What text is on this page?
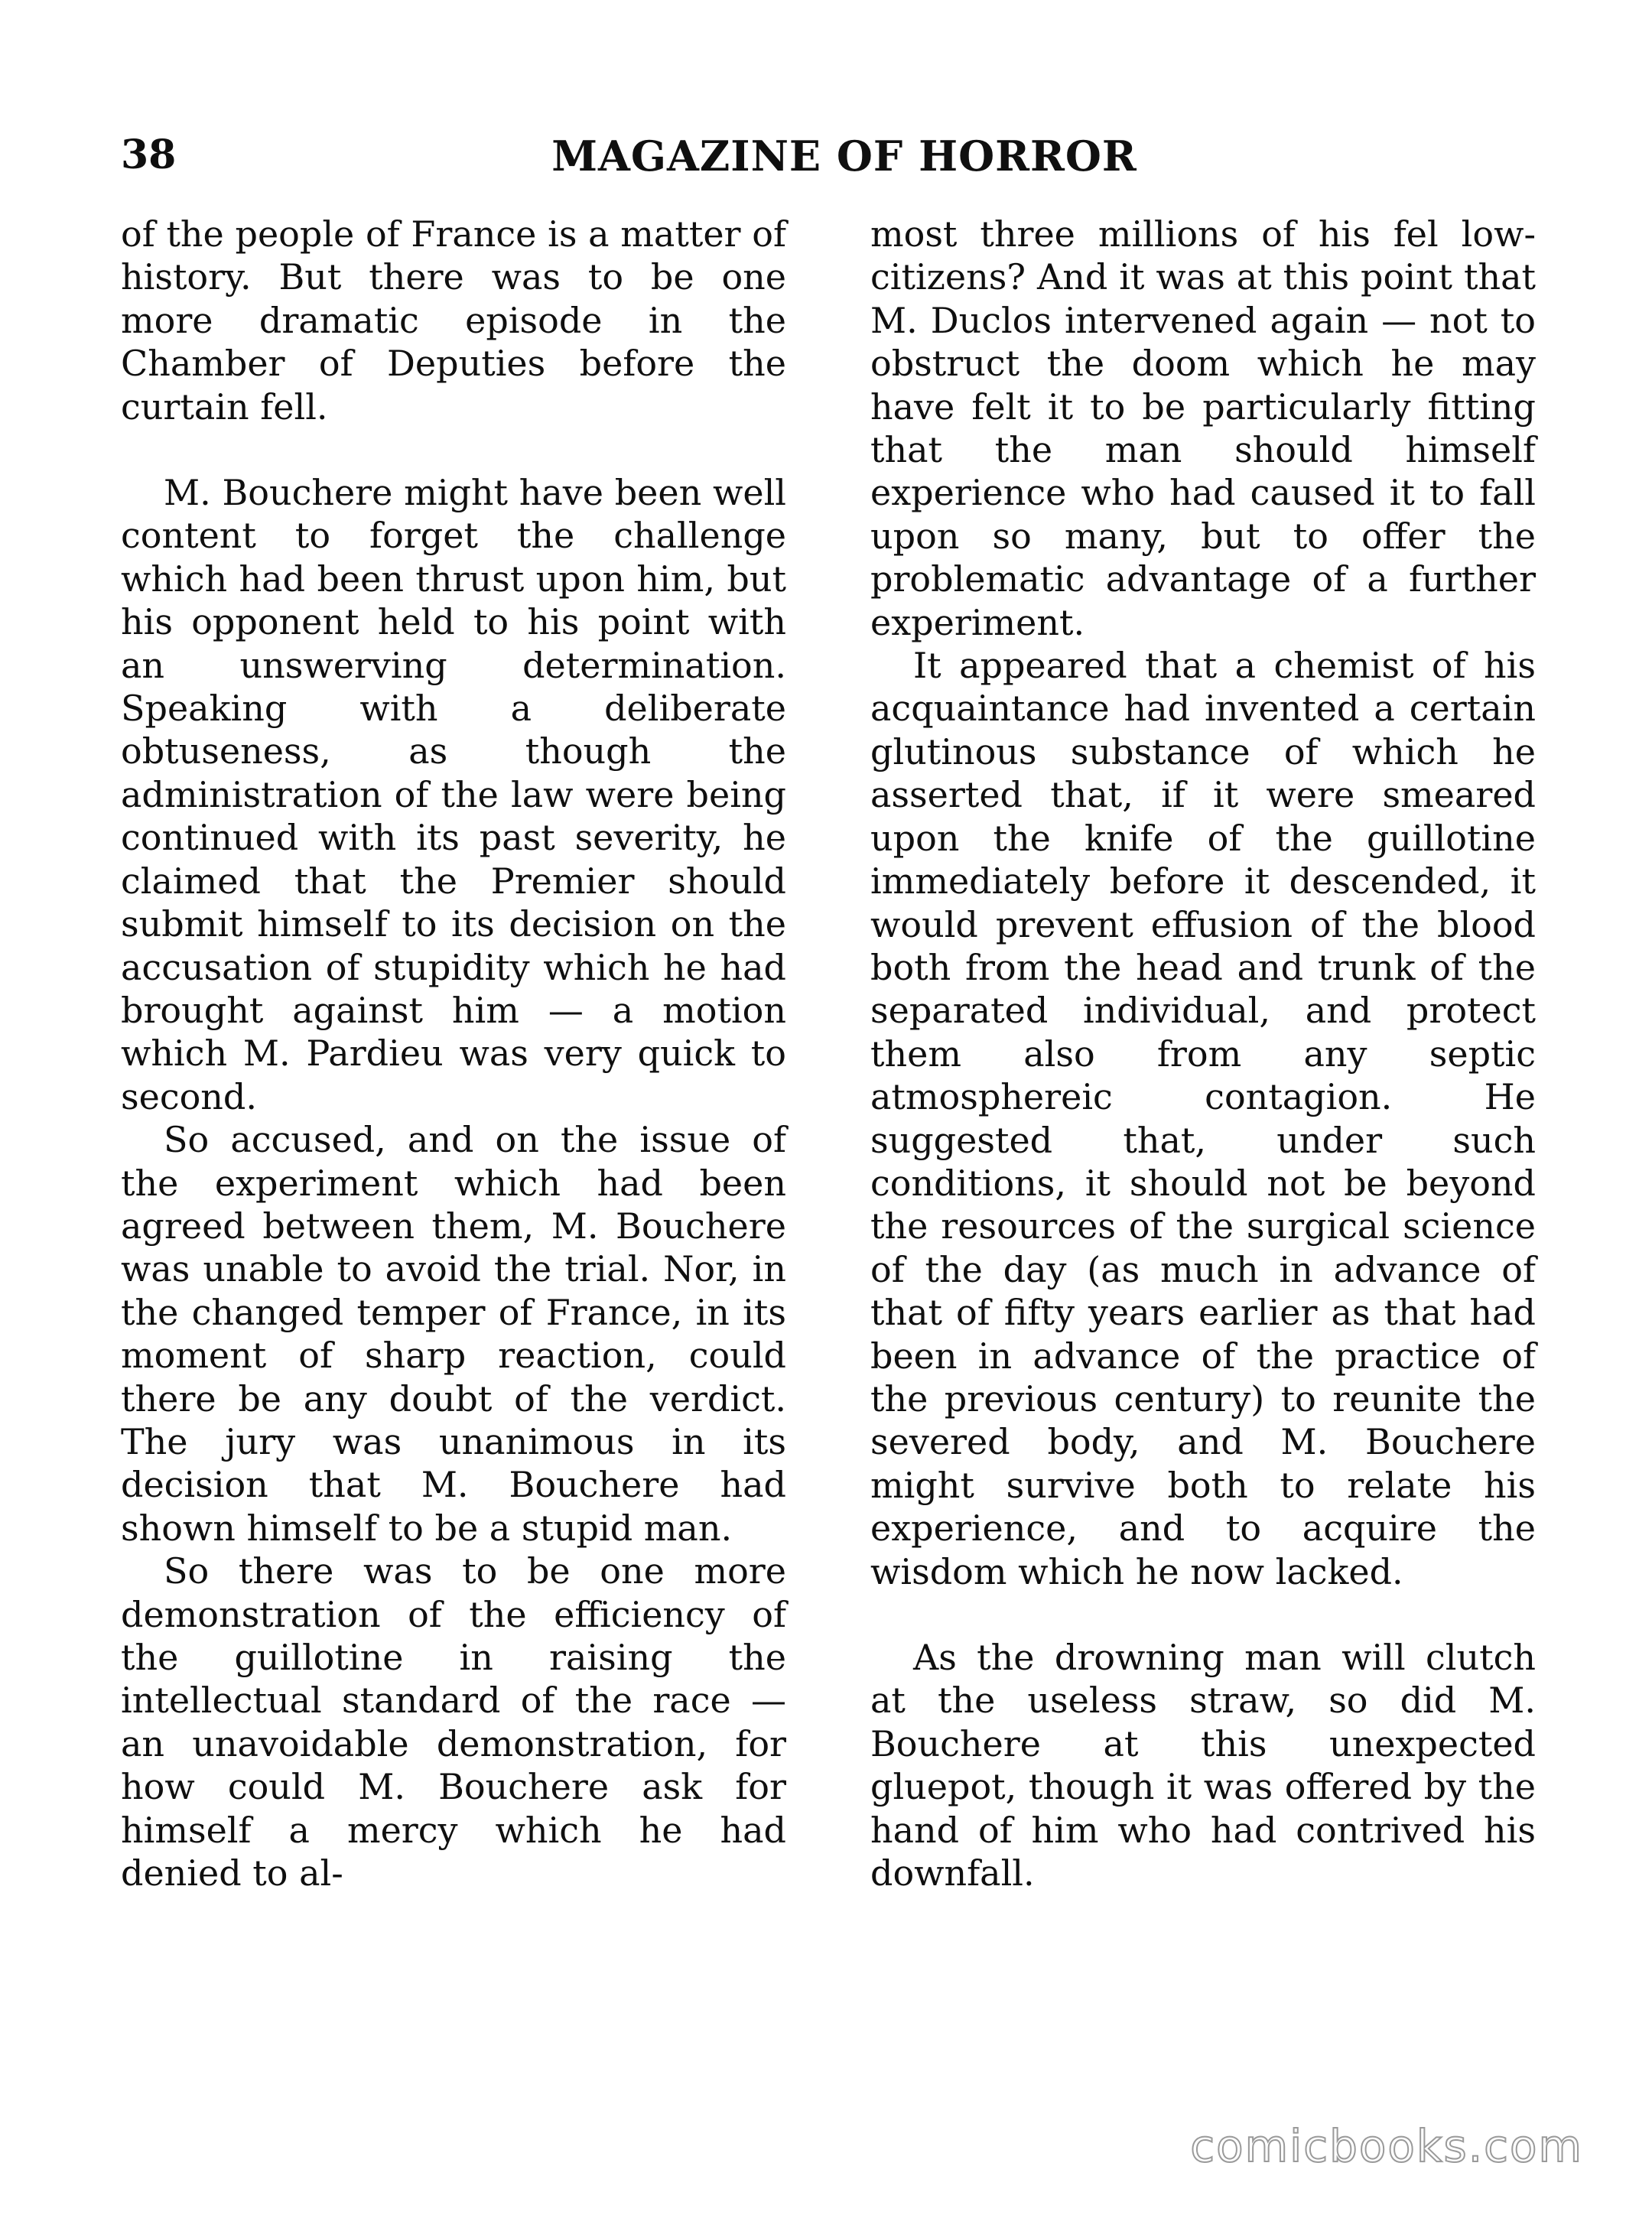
38	MAGAZINE OF HORROR

of the people of France is a matter of history. But there was to be one more dramatic episode in the Chamber of Deputies before the curtain fell.

M. Bouchere might have been well content to forget the challenge which had been thrust upon him, but his opponent held to his point with an unswerving determination. Speaking with a deliberate obtuseness, as though the administration of the law were being continued with its past severity, he claimed that the Premier should submit himself to its decision on the accusation of stupidity which he had brought against him — a motion which M. Pardieu was very quick to second.

So accused, and on the issue of the experiment which had been agreed between them, M. Bouchere was unable to avoid the trial. Nor, in the changed temper of France, in its moment of sharp reaction, could there be any doubt of the verdict. The jury was unanimous in its decision that M. Bouchere had shown himself to be a stupid man.

So there was to be one more demonstration of the efficiency of the guillotine in raising the intellectual standard of the race — an unavoidable demonstration, for how could M. Bouchere ask for himself a mercy which he had denied to al-

most three millions of his fel low-citizens? And it was at this point that M. Duclos intervened again — not to obstruct the doom which he may have felt it to be particularly fitting that the man should himself experience who had caused it to fall upon so many, but to offer the problematic advantage of a further experiment.

It appeared that a chemist of his acquaintance had invented a certain glutinous substance of which he asserted that, if it were smeared upon the knife of the guillotine immediately before it descended, it would prevent effusion of the blood both from the head and trunk of the separated individual, and protect them also from any septic atmosphereic contagion. He suggested that, under such conditions, it should not be beyond the resources of the surgical science of the day (as much in advance of that of fifty years earlier as that had been in advance of the practice of the previous century) to reunite the severed body, and M. Bouchere might survive both to relate his experience, and to acquire the wisdom which he now lacked.

As the drowning man will clutch at the useless straw, so did M. Bouchere at this unexpected gluepot, though it was offered by the hand of him who had contrived his downfall.

comicbooks.com
